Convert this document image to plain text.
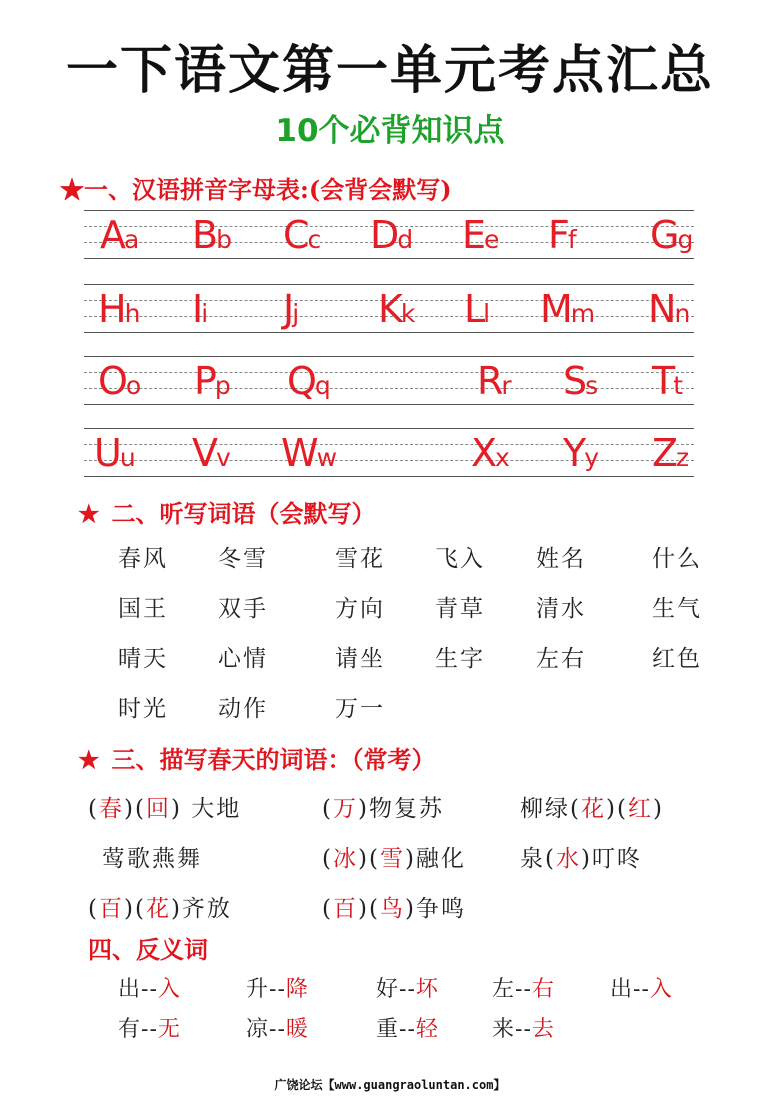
一下语文第一单元考点汇总
10个必背知识点
★一、汉语拼音字母表:(会背会默写)
Aa Bb Cc Dd Ee Ff Gg
Hh Ii Jj Kk Ll Mm Nn
Oo Pp Qq	Rr Ss Tt
Uu Vv Ww	Xx Yy Zz
★ 二、听写词语（会默写）
春风 冬雪	雪花 飞入 姓名	什么
国王 双手	方向 青草 清水	生气
晴天 心情	请坐 生字 左右	红色
时光 动作	万一
★ 三、描写春天的词语：（常考）
(春)(回) 大地	(万)物复苏	柳绿(花)(红)
莺歌燕舞	(冰)(雪)融化 泉(水)叮咚
(百)(花)齐放	(百)(鸟)争鸣
四、反义词
出--入	升--降	好--坏 左--右	出--入
有--无	凉--暖	重--轻 来--去
广饶论坛【www.guangraoluntan.com】
